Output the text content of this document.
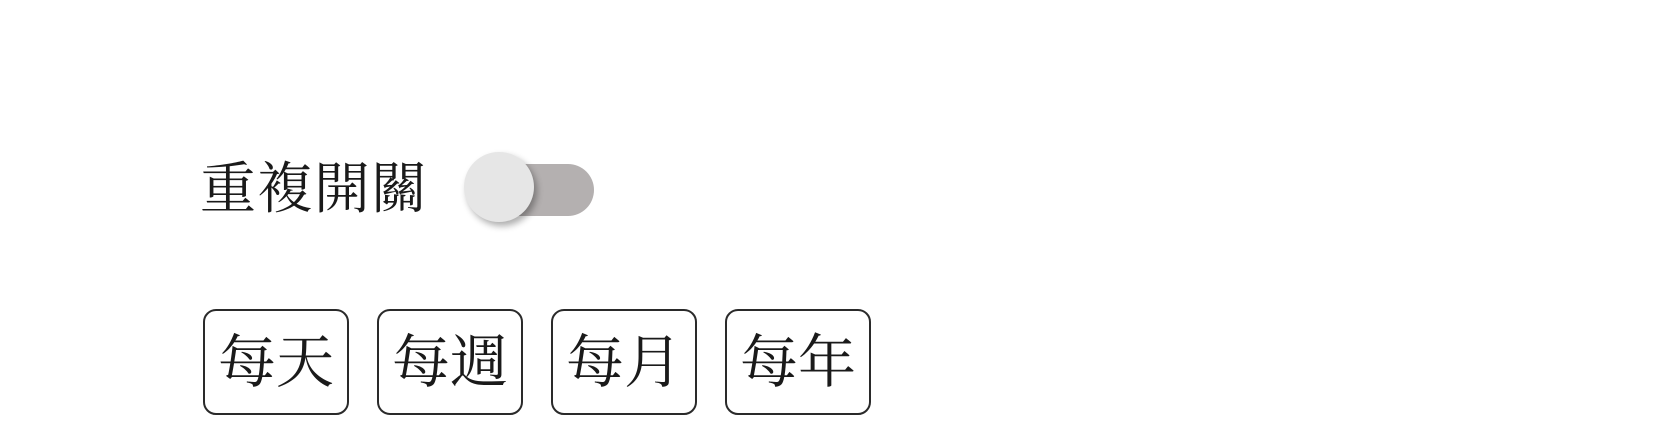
重複開關
每天 每週 每月 每年
